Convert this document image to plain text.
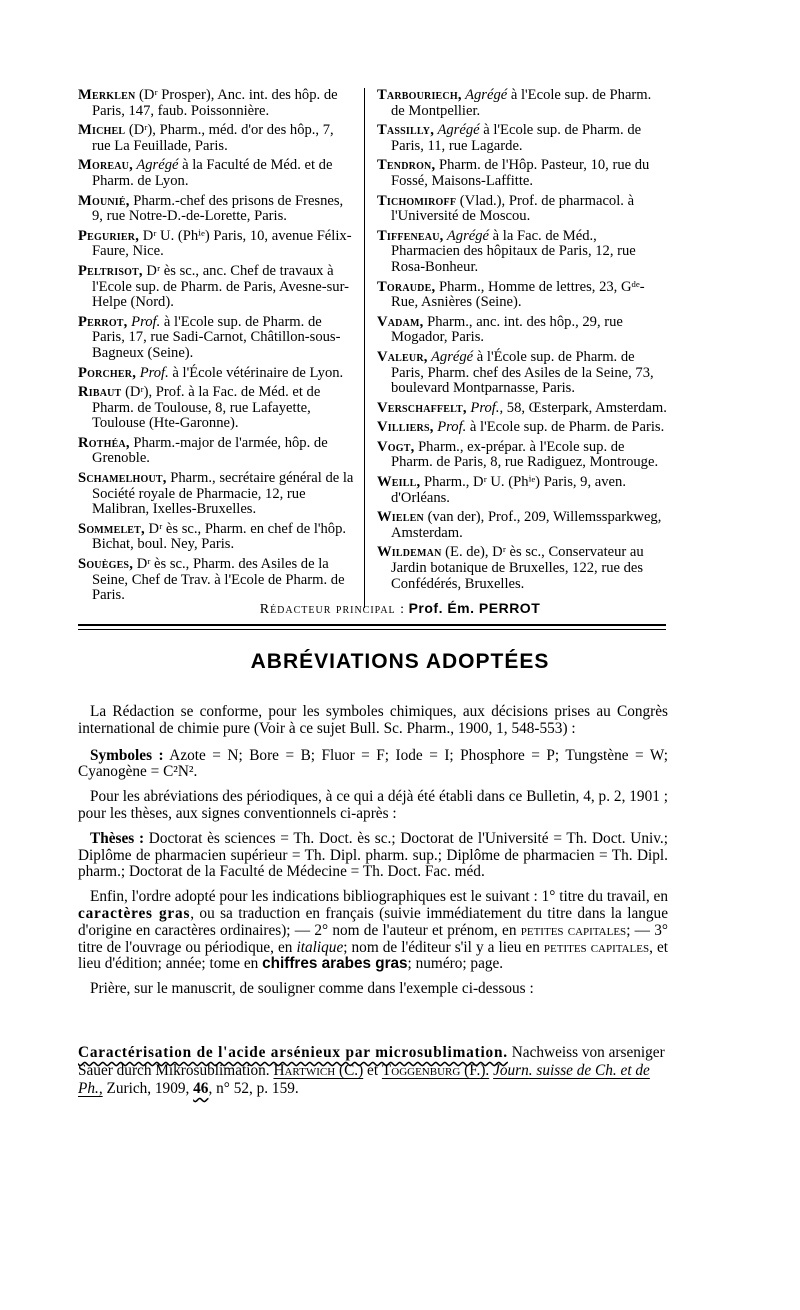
Merklen (Dʳ Prosper), Anc. int. des hôp. de Paris, 147, faub. Poissonnière.
Michel (Dʳ), Pharm., méd. d'or des hôp., 7, rue La Feuillade, Paris.
Moreau, Agrégé à la Faculté de Méd. et de Pharm. de Lyon.
Mounié, Pharm.-chef des prisons de Fresnes, 9, rue Notre-D.-de-Lorette, Paris.
Pegurier, Dʳ U. (Phⁱᵉ) Paris, 10, avenue Félix-Faure, Nice.
Peltrisot, Dʳ ès sc., anc. Chef de travaux à l'Ecole sup. de Pharm. de Paris, Avesne-sur-Helpe (Nord).
Perrot, Prof. à l'Ecole sup. de Pharm. de Paris, 17, rue Sadi-Carnot, Châtillon-sous-Bagneux (Seine).
Porcher, Prof. à l'École vétérinaire de Lyon.
Ribaut (Dʳ), Prof. à la Fac. de Méd. et de Pharm. de Toulouse, 8, rue Lafayette, Toulouse (Hte-Garonne).
Rothéa, Pharm.-major de l'armée, hôp. de Grenoble.
Schamelhout, Pharm., secrétaire général de la Société royale de Pharmacie, 12, rue Malibran, Ixelles-Bruxelles.
Sommelet, Dʳ ès sc., Pharm. en chef de l'hôp. Bichat, boul. Ney, Paris.
Souèges, Dʳ ès sc., Pharm. des Asiles de la Seine, Chef de Trav. à l'Ecole de Pharm. de Paris.
Tarbouriech, Agrégé à l'Ecole sup. de Pharm. de Montpellier.
Tassilly, Agrégé à l'Ecole sup. de Pharm. de Paris, 11, rue Lagarde.
Tendron, Pharm. de l'Hôp. Pasteur, 10, rue du Fossé, Maisons-Laffitte.
Tichomiroff (Vlad.), Prof. de pharmacol. à l'Université de Moscou.
Tiffeneau, Agrégé à la Fac. de Méd., Pharmacien des hôpitaux de Paris, 12, rue Rosa-Bonheur.
Toraude, Pharm., Homme de lettres, 23, Gᵈᵉ-Rue, Asnières (Seine).
Vadam, Pharm., anc. int. des hôp., 29, rue Mogador, Paris.
Valeur, Agrégé à l'École sup. de Pharm. de Paris, Pharm. chef des Asiles de la Seine, 73, boulevard Montparnasse, Paris.
Verschaffelt, Prof., 58, Œsterpark, Amsterdam.
Villiers, Prof. à l'Ecole sup. de Pharm. de Paris.
Vogt, Pharm., ex-prépar. à l'Ecole sup. de Pharm. de Paris, 8, rue Radiguez, Montrouge.
Weill, Pharm., Dʳ U. (Phⁱᵉ) Paris, 9, aven. d'Orléans.
Wielen (van der), Prof., 209, Willemssparkweg, Amsterdam.
Wildeman (E. de), Dʳ ès sc., Conservateur au Jardin botanique de Bruxelles, 122, rue des Confédérés, Bruxelles.
Rédacteur principal : Prof. Ém. PERROT
ABRÉVIATIONS ADOPTÉES

La Rédaction se conforme, pour les symboles chimiques, aux décisions prises au Congrès international de chimie pure (Voir à ce sujet Bull. Sc. Pharm., 1900, 1, 548-553) :

Symboles : Azote = N; Bore = B; Fluor = F; Iode = I; Phosphore = P; Tungstène = W; Cyanogène = C²N².

Pour les abréviations des périodiques, à ce qui a déjà été établi dans ce Bulletin, 4, p. 2, 1901 ; pour les thèses, aux signes conventionnels ci-après :

Thèses : Doctorat ès sciences = Th. Doct. ès sc.; Doctorat de l'Université = Th. Doct. Univ.; Diplôme de pharmacien supérieur = Th. Dipl. pharm. sup.; Diplôme de pharmacien = Th. Dipl. pharm.; Doctorat de la Faculté de Médecine = Th. Doct. Fac. méd.

Enfin, l'ordre adopté pour les indications bibliographiques est le suivant : 1° titre du travail, en caractères gras, ou sa traduction en français (suivie immédiatement du titre dans la langue d'origine en caractères ordinaires); — 2° nom de l'auteur et prénom, en petites capitales; — 3° titre de l'ouvrage ou périodique, en italique; nom de l'éditeur s'il y a lieu en petites capitales, et lieu d'édition; année; tome en chiffres arabes gras; numéro; page.

Prière, sur le manuscrit, de souligner comme dans l'exemple ci-dessous :

Caractérisation de l'acide arsénieux par microsublimation. Nachweiss von arseniger Sauer durch Mikrosublimation. Hartwich (C.) et Toggenburg (F.). Journ. suisse de Ch. et de Ph., Zurich, 1909, 46, n° 52, p. 159.
